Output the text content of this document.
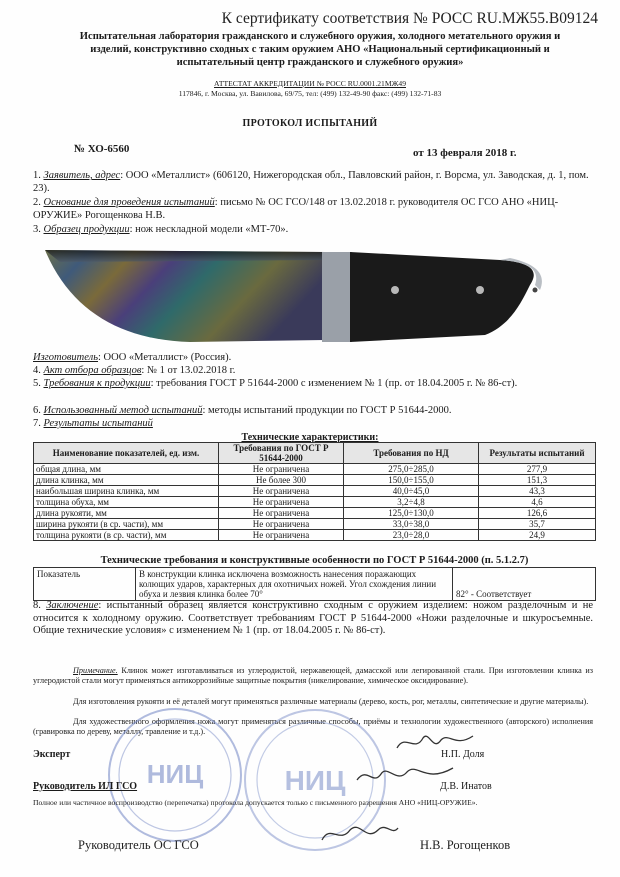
К сертификату соответствия № РОСС RU.МЖ55.B09124
Испытательная лаборатория гражданского и служебного оружия, холодного метательного оружия и
изделий, конструктивно сходных с таким оружием АНО «Национальный сертификационный и
испытательный центр гражданского и служебного оружия»
АТТЕСТАТ АККРЕДИТАЦИИ № РОСС RU.0001.21МЖ49
117846, г. Москва, ул. Вавилова, 69/75, тел: (499) 132-49-90 факс: (499) 132-71-83
ПРОТОКОЛ ИСПЫТАНИЙ
№ ХО-6560	от 13 февраля 2018 г.
1. Заявитель, адрес: ООО «Металлист» (606120, Нижегородская обл., Павловский район, г. Ворсма, ул. Заводская, д. 1, пом. 23).
2. Основание для проведения испытаний: письмо № ОС ГСО/148 от 13.02.2018 г. руководителя ОС ГСО АНО «НИЦ-ОРУЖИЕ» Рогощенкова Н.В.
3. Образец продукции: нож нескладной модели «МТ-70».
Изготовитель: ООО «Металлист» (Россия).
4. Акт отбора образцов: № 1 от 13.02.2018 г.
5. Требования к продукции: требования ГОСТ Р 51644-2000 с изменением № 1 (пр. от 18.04.2005 г. № 86-ст).
6. Использованный метод испытаний: методы испытаний продукции по ГОСТ Р 51644-2000.
7. Результаты испытаний
Технические характеристики:
Наименование показателей, ед. изм.	Требования по ГОСТ Р 51644-2000	Требования по НД	Результаты испытаний
общая длина, мм	Не ограничена	275,0÷285,0	277,9
длина клинка, мм	Не более 300	150,0÷155,0	151,3
наибольшая ширина клинка, мм	Не ограничена	40,0÷45,0	43,3
толщина обуха, мм	Не ограничена	3,2÷4,8	4,6
длина рукояти, мм	Не ограничена	125,0÷130,0	126,6
ширина рукояти (в ср. части), мм	Не ограничена	33,0÷38,0	35,7
толщина рукояти (в ср. части), мм	Не ограничена	23,0÷28,0	24,9
Технические требования и конструктивные особенности по ГОСТ Р 51644-2000 (п. 5.1.2.7)
Показатель	В конструкции клинка исключена возможность нанесения поражающих колющих ударов, характерных для охотничьих ножей. Угол схождения линии обуха и лезвия клинка более 70°	82° - Соответствует
8. Заключение: испытанный образец является конструктивно сходным с оружием изделием: ножом разделочным и не относится к холодному оружию. Соответствует требованиям ГОСТ Р 51644-2000 «Ножи разделочные и шкуросъемные. Общие технические условия» с изменением № 1 (пр. от 18.04.2005 г. № 86-ст).
Примечание. Клинок может изготавливаться из углеродистой, нержавеющей, дамасской или легированной стали. При изготовлении клинка из углеродистой стали могут применяться антикоррозийные защитные покрытия (никелирование, химическое оксидирование).
Для изготовления рукояти и её деталей могут применяться различные материалы (дерево, кость, рог, металлы, синтетические и другие материалы).
Для художественного оформления ножа могут применяться различные способы, приёмы и технологии художественного (авторского) исполнения (гравировка по дереву, металлу, травление и т.д.).
НИЦ	НИЦ
Эксперт	Н.П. Доля
Руководитель ИЛ ГСО	Д.В. Инатов
Полное или частичное воспроизводство (перепечатка) протокола допускается только с письменного разрешения АНО «НИЦ-ОРУЖИЕ».
Руководитель ОС ГСО	Н.В. Рогощенков
